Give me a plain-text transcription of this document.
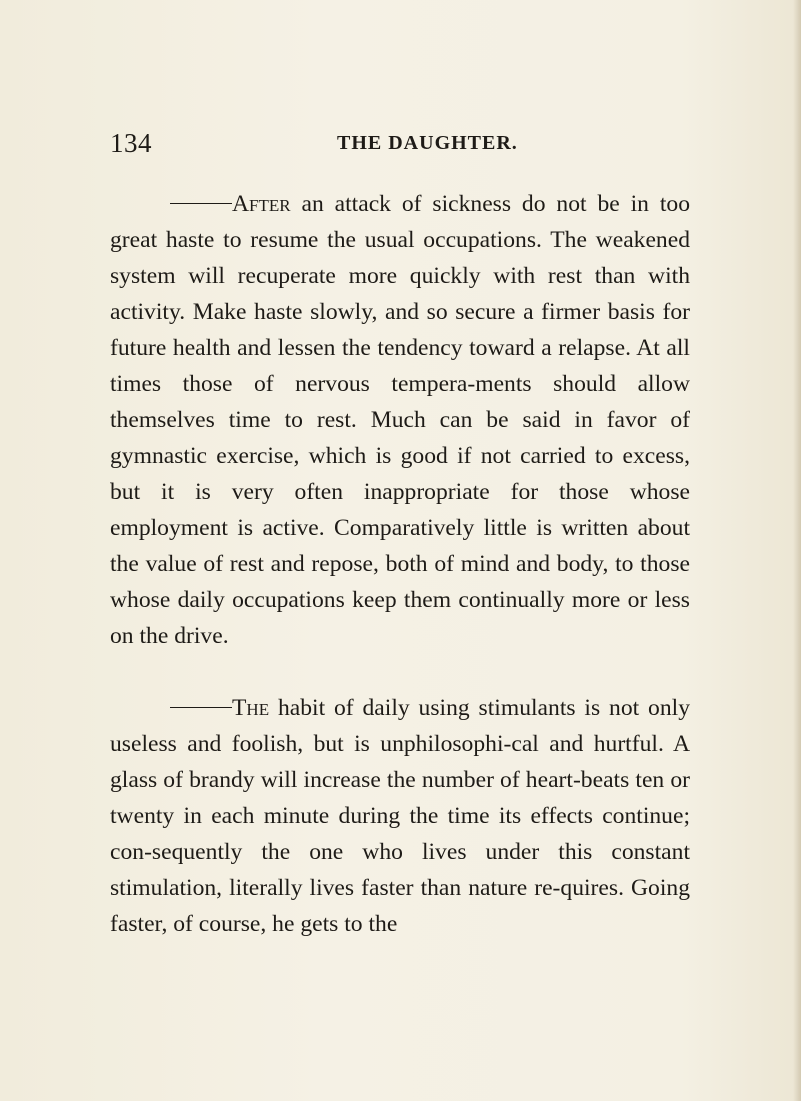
134	THE DAUGHTER.

After an attack of sickness do not be in too great haste to resume the usual occupations. The weakened system will recuperate more quickly with rest than with activity. Make haste slowly, and so secure a firmer basis for future health and lessen the tendency toward a relapse. At all times those of nervous tempera-ments should allow themselves time to rest. Much can be said in favor of gymnastic exercise, which is good if not carried to excess, but it is very often inappropriate for those whose employment is active. Comparatively little is written about the value of rest and repose, both of mind and body, to those whose daily occupations keep them continually more or less on the drive.

The habit of daily using stimulants is not only useless and foolish, but is unphilosophi-cal and hurtful. A glass of brandy will increase the number of heart-beats ten or twenty in each minute during the time its effects continue; con-sequently the one who lives under this constant stimulation, literally lives faster than nature re-quires. Going faster, of course, he gets to the
